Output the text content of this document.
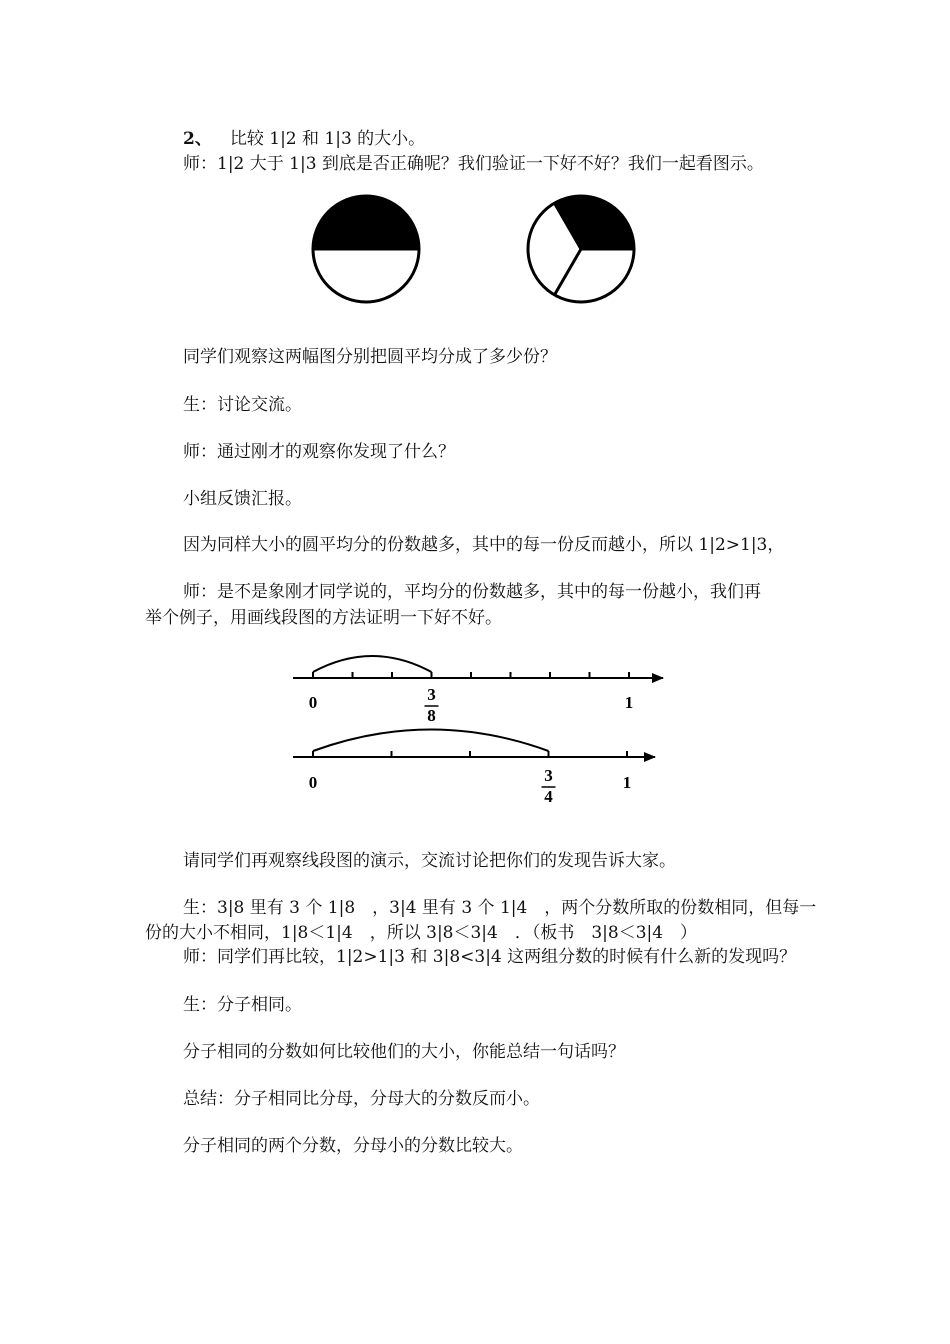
2、 比较 1|2 和 1|3 的大小。
师：1|2 大于 1|3 到底是否正确呢？我们验证一下好不好？我们一起看图示。
同学们观察这两幅图分别把圆平均分成了多少份？
生：讨论交流。
师：通过刚才的观察你发现了什么？
小组反馈汇报。
因为同样大小的圆平均分的份数越多，其中的每一份反而越小，所以 1|2>1|3，
师：是不是象刚才同学说的，平均分的份数越多，其中的每一份越小，我们再
举个例子，用画线段图的方法证明一下好不好。
0	1
3
8
0	1
3
4
请同学们再观察线段图的演示，交流讨论把你们的发现告诉大家。
生：3|8 里有 3 个 1|8　，3|4 里有 3 个 1|4　，两个分数所取的份数相同，但每一
份的大小不相同，1|8＜1|4　，所以 3|8＜3|4　．（板书　3|8＜3|4　）
师：同学们再比较，1|2>1|3 和 3|8<3|4 这两组分数的时候有什么新的发现吗？
生：分子相同。
分子相同的分数如何比较他们的大小，你能总结一句话吗？
总结：分子相同比分母，分母大的分数反而小。
分子相同的两个分数，分母小的分数比较大。
